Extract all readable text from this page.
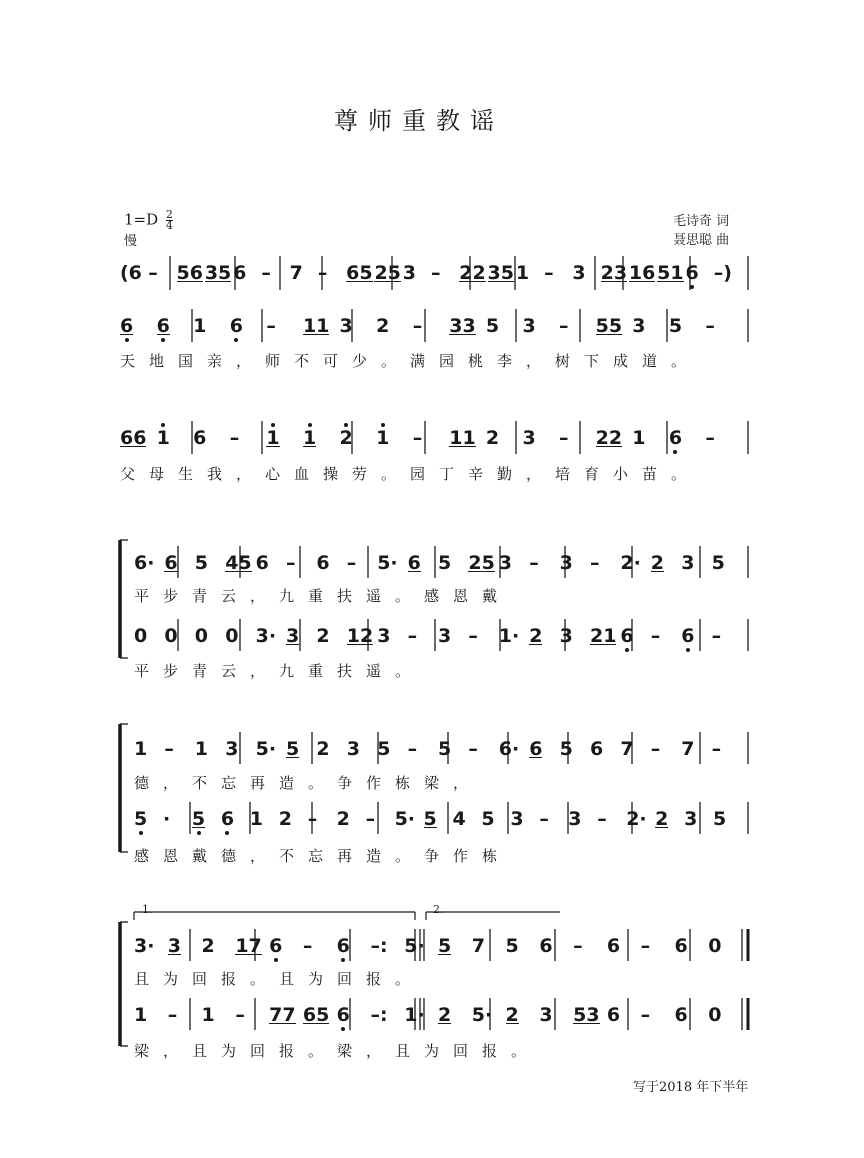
尊师重教谣
$1=D \frac{2}{4}$
慢
毛诗奇 词
聂思聪 曲
1.	2.
(6 – 56 35 6 – 7 – 65 25 3 – 22 35 1 – 3 23 16 51 6 –)
6 6 1 6 – 11 3 2 – 33 5 3 – 55 3 5 –
天地国亲，师不可少。满园桃李，树下成道。
66 1 6 – 1 1 2 1 – 11 2 3 – 22 1 6 –
父母生我，心血操劳。园丁辛勤，培育小苗。
6· 6 5 45 6 – 6 – 5· 6 5 25 3 – 3 – 2· 2 3 5
平步青云，九重扶遥。感恩戴
0 0 0 0 3· 3 2 12 3 – 3 – 1· 2 3 21 6 – 6 –
平步青云，九重扶遥。
1 – 1 3 5· 5 2 3 5 – 5 – 6· 6 5 6 7 – 7 –
德，不忘再造。争作栋梁，
5 · 5 6 1 2 – 2 – 5· 5 4 5 3 – 3 – 2· 2 3 5
感恩戴德，不忘再造。争作栋
3· 3 2 17 6 – 6 –: 5· 5 7 5 6 – 6 – 6 0
且为回报。且为回报。
1 – 1 – 77 65 6 –: 1· 2 5· 2 3 53 6 – 6 0
梁，且为回报。梁，且为回报。
写于2018 年下半年
